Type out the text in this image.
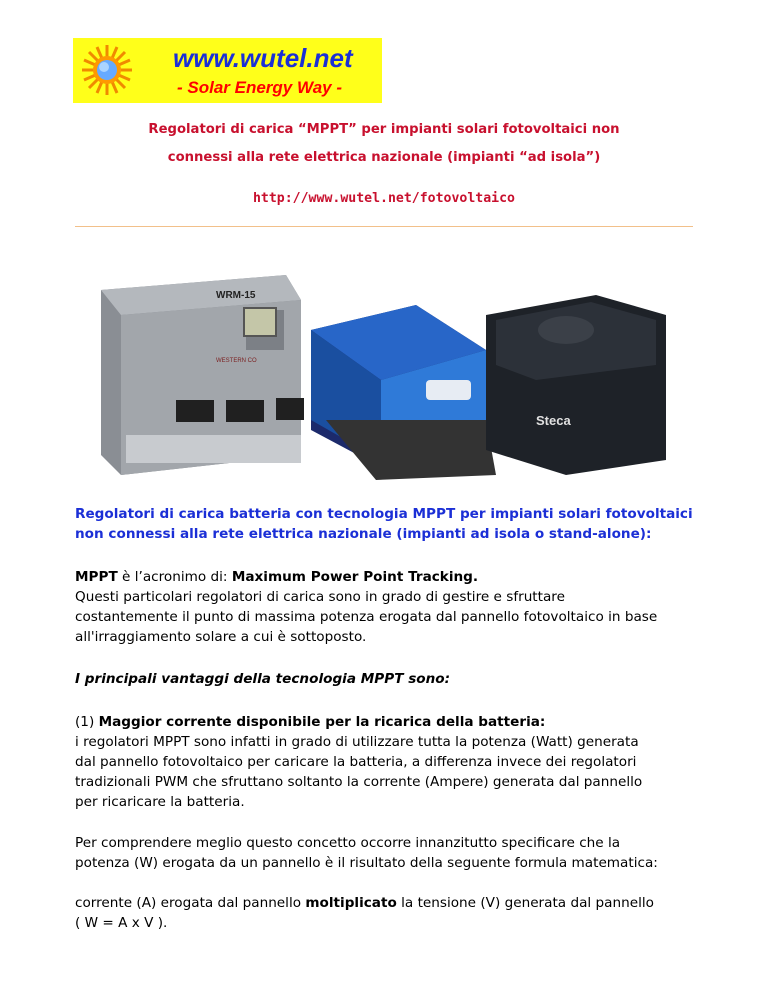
www.wutel.net
- Solar Energy Way -
Regolatori di carica “MPPT” per impianti solari fotovoltaici non
connessi alla rete elettrica nazionale (impianti “ad isola”)
http://www.wutel.net/fotovoltaico
WRM-15
WESTERN CO
Steca
Regolatori di carica batteria con tecnologia MPPT per impianti solari fotovoltaici
non connessi alla rete elettrica nazionale (impianti ad isola o stand-alone):
MPPT è l’acronimo di: Maximum Power Point Tracking.
Questi particolari regolatori di carica sono in grado di gestire e sfruttare
costantemente il punto di massima potenza erogata dal pannello fotovoltaico in base
all'irraggiamento solare a cui è sottoposto.
I principali vantaggi della tecnologia MPPT sono:
(1) Maggior corrente disponibile per la ricarica della batteria:
i regolatori MPPT sono infatti in grado di utilizzare tutta la potenza (Watt) generata
dal pannello fotovoltaico per caricare la batteria, a differenza invece dei regolatori
tradizionali PWM che sfruttano soltanto la corrente (Ampere) generata dal pannello
per ricaricare la batteria.
Per comprendere meglio questo concetto occorre innanzitutto specificare che la
potenza (W) erogata da un pannello è il risultato della seguente formula matematica:
corrente (A) erogata dal pannello moltiplicato la tensione (V) generata dal pannello
( W = A x V ).
